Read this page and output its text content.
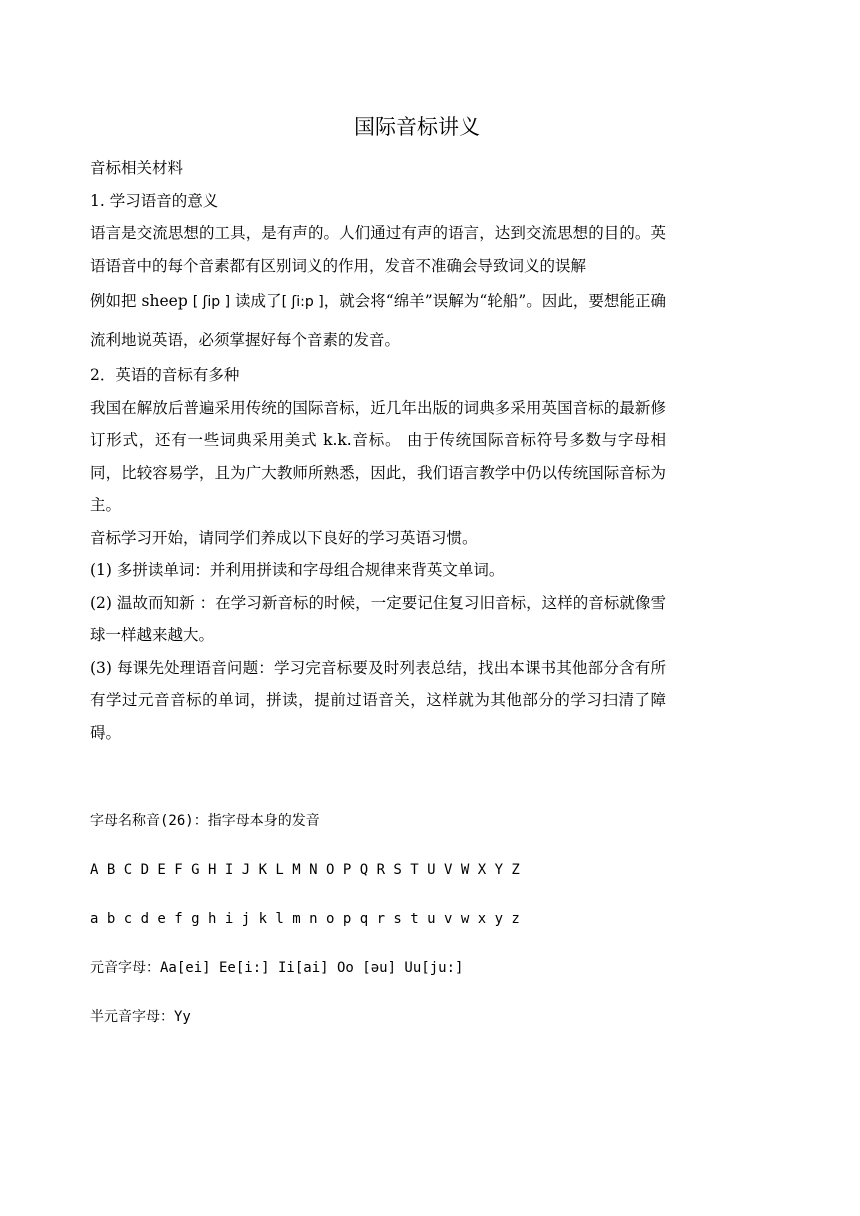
国际音标讲义

音标相关材料

1. 学习语音的意义

语言是交流思想的工具，是有声的。人们通过有声的语言，达到交流思想的目的。英语语音中的每个音素都有区别词义的作用，发音不准确会导致词义的误解

例如把 sheep [ ʃip ] 读成了[ ʃi:p ]，就会将“绵羊”误解为“轮船”。因此，要想能正确流利地说英语，必须掌握好每个音素的发音。

2．英语的音标有多种

我国在解放后普遍采用传统的国际音标，近几年出版的词典多采用英国音标的最新修订形式，还有一些词典采用美式 k.k.音标。 由于传统国际音标符号多数与字母相同，比较容易学，且为广大教师所熟悉，因此，我们语言教学中仍以传统国际音标为主。

音标学习开始，请同学们养成以下良好的学习英语习惯。

(1) 多拼读单词：并利用拼读和字母组合规律来背英文单词。

(2) 温故而知新 ：在学习新音标的时候，一定要记住复习旧音标，这样的音标就像雪球一样越来越大。

(3) 每课先处理语音问题：学习完音标要及时列表总结，找出本课书其他部分含有所有学过元音音标的单词，拼读，提前过语音关，这样就为其他部分的学习扫清了障碍。

字母名称音(26)：指字母本身的发音

A B C D E F G H I J K L M N O P Q R S T U V W X Y Z

a b c d e f g h i j k l m n o p q r s t u v w x y z

元音字母：Aa[ei] Ee[i:] Ii[ai] Oo [əu] Uu[ju:]

半元音字母：Yy
